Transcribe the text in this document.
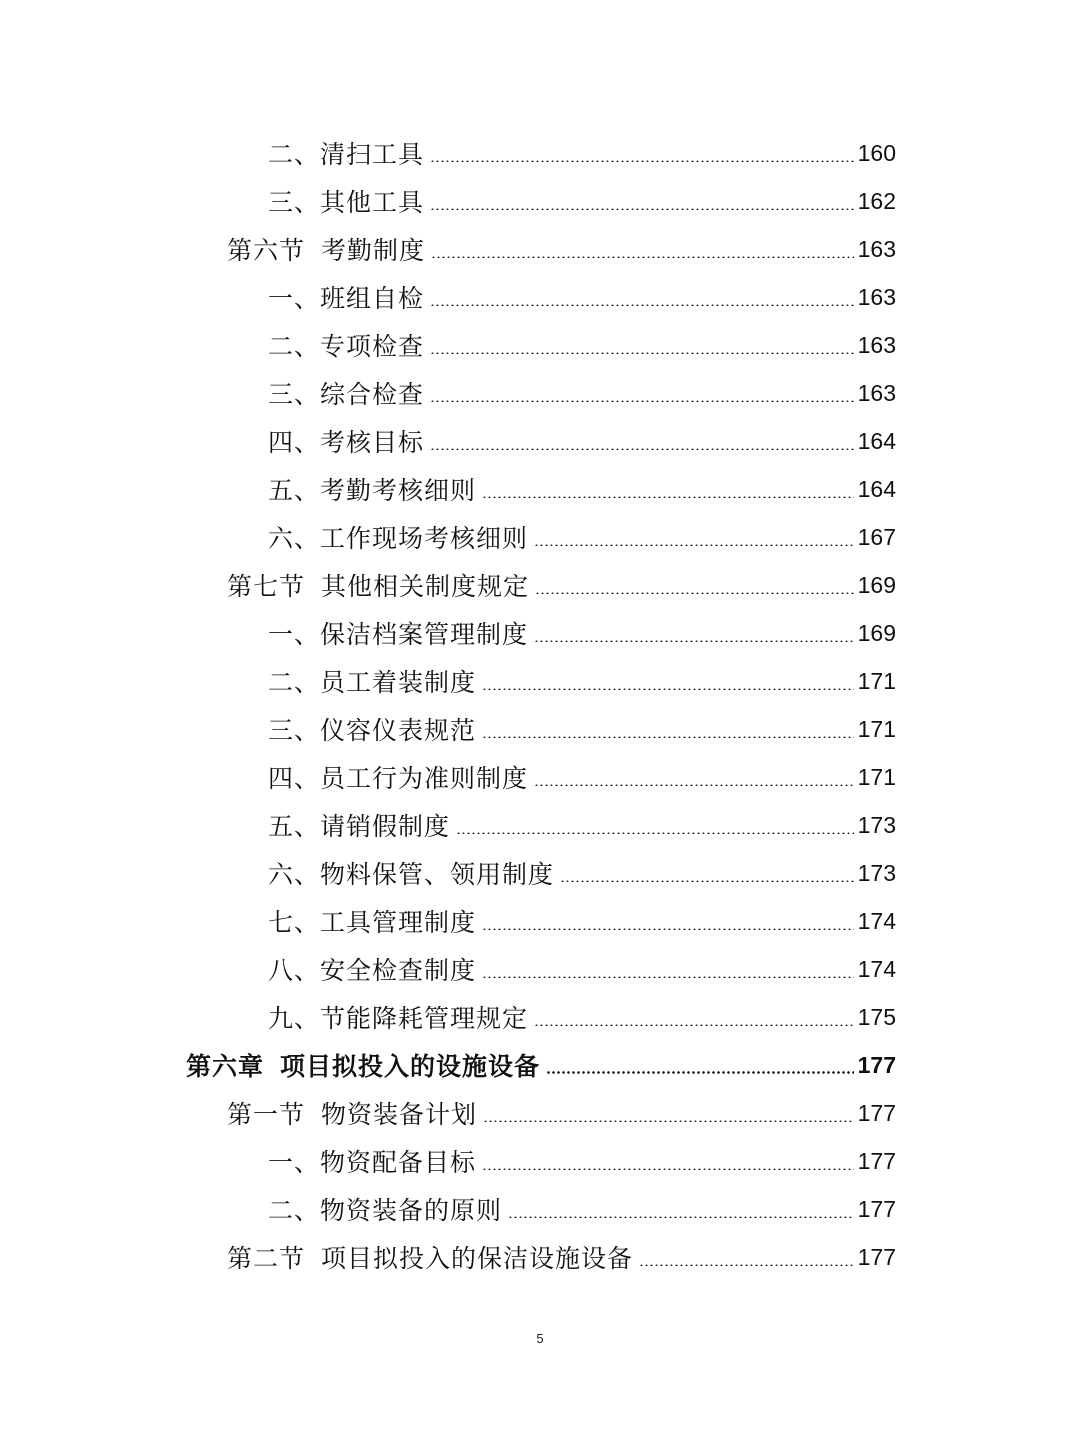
二、 清扫工具	160
三、 其他工具	162
第六节 考勤制度	163
一、 班组自检	163
二、 专项检查	163
三、 综合检查	163
四、 考核目标	164
五、 考勤考核细则	164
六、 工作现场考核细则	167
第七节 其他相关制度规定	169
一、 保洁档案管理制度	169
二、 员工着装制度	171
三、 仪容仪表规范	171
四、 员工行为准则制度	171
五、 请销假制度	173
六、 物料保管、领用制度	173
七、 工具管理制度	174
八、 安全检查制度	174
九、 节能降耗管理规定	175
第六章 项目拟投入的设施设备	177
第一节 物资装备计划	177
一、 物资配备目标	177
二、 物资装备的原则	177
第二节 项目拟投入的保洁设施设备	177
5
